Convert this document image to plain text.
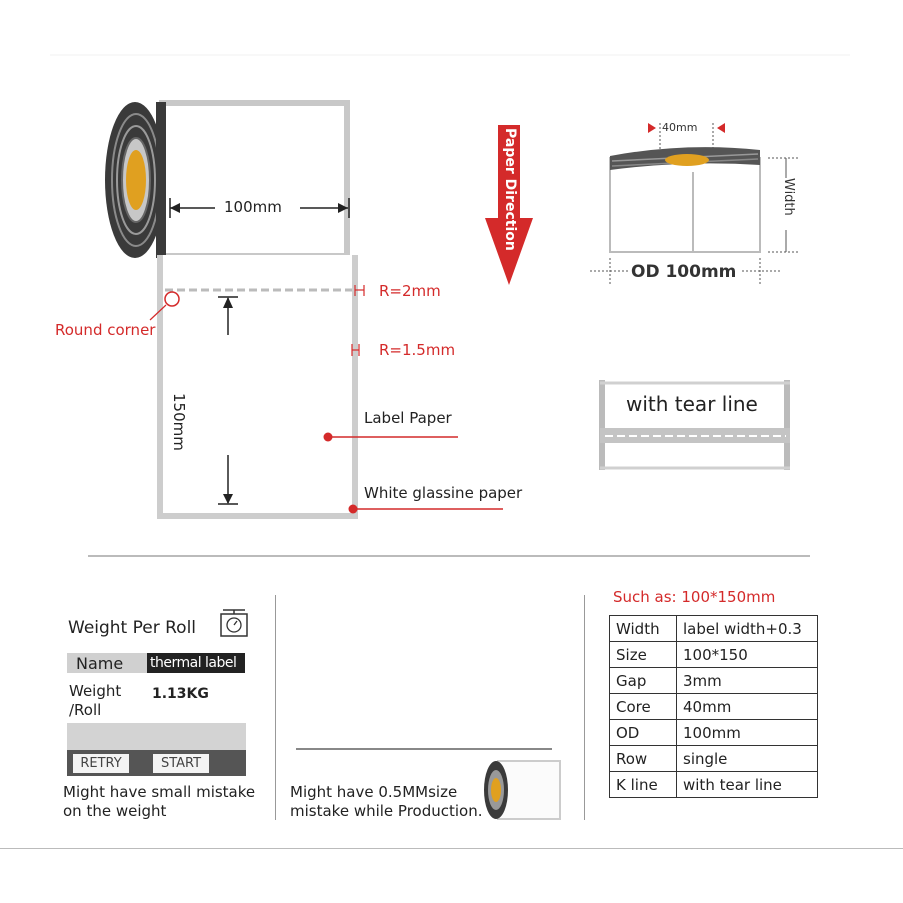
100mm
150mm
R=2mm
R=1.5mm
Round corner
Label Paper
White glassine paper
Paper Direction
40mm
Width
OD 100mm
with tear line
Weight Per Roll
Name thermal label
Weight
/Roll
1.13KG
RETRY	START
Might have small mistake
on the weight
Might have 0.5MMsize
mistake while Production.
Such as: 100*150mm
Width	label width+0.3
Size	100*150
Gap	3mm
Core	40mm
OD	100mm
Row	single
K line	with tear line
